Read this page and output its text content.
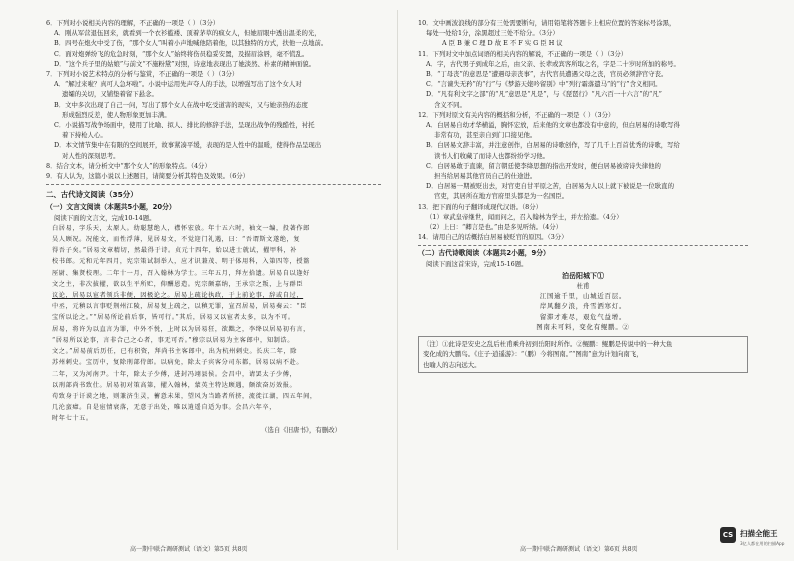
6．下列对小说相关内容的理解，不正确的一项是（ ）（3分）
A．刚从军营退伍回来，就看到一个衣衫褴褛、顶着茅草的疯女人，但她眉眼中透出温柔的光，
B．四号在炮火中受了伤，“那个女人”叫着小声地喊他陪着他，以其独特的方式，扶他一点地前。
C．面对炮弹纷飞的危急时刻，“那个女人”始终将伤员稳妥安置，及描眉涂唇，毫不慌乱。
D．“这个兵子里的姑娘”与前文“不施粉黛”对照，诗意地表现出了她淡然、朴素的精神面貌。
7．下列对小说艺术特点的分析与鉴赏，不正确的一项是（ ）（3分）
A．“解过来啦？真可人急坏啦”。小说中运用先声夺人的手法，以增强写出了这个女人对
遗孀的关切，又铺垫着留下悬念。
B．文中多次出现了自己一问，写出了那个女人在战中吃受道害的现实，又与她亲热的态度
形成强烈反差，使人物形象更加丰满。
C．小说描写战争场面中，使用了比喻、拟人、排比的修辞手法，呈现出战争的残酷性，衬托
着下持枪人心。
D．本文情节集中在有限的空间展开，故事紧凑平缓，表现的是人性中的温暖，使得作品呈现出
对人性的深刻思考。
8．结合文本，请分析文中“那个女人”的形象特点。（4分）
9．有人认为，这篇小说以上述题目，请简要分析其特色及效果。（6分）
二、古代诗文阅读（35分）
（一）文言文阅读（本题共5小题，20分）
阅读下面的文言文，完成10-14题。
白居易，字乐天，太原人。幼聪慧绝人，襟怀宏放。年十五六时，袖文一编，投著作郎
吴人顾况。况能文，而性浮薄，见居易文，不觉迎门礼遇，曰：“吾谓斯文遂绝，复
得吾子矣。”居易文章精切，然最得于诗。贞元十四年，始以进士就试，擢甲科，补
校书郎。元和元年四月，宪宗策试制举人，应才识兼茂、明于体用科，入第四等，授盩
厔尉、集贤校理。二年十一月，召入翰林为学士。三年五月，拜左拾遗。居易自以逢好
文之主，非次拔擢，欲以生平所贮，仰酬恩造。宪宗颇嘉纳，王承宗之叛，上与群臣
议论，居易以宦者领兵非便，因极论之。居易上疏论执政，于上前论事，辞或自过，
中丞，元稹以言事贬荆州江陵，居易复上疏之，以稹无罪，宣召居易，居易奏云：“臣
宝所以论之。”“居易所论前后事，皆可行。”其后，居易又以宦者太多，以为不可。
居易，将许为以直言为罪，中外不悦，上时以为居易狂，欲黜之，李绛以居易初有言，
“居易所以论事，言非合己之心者，事无可否。”穆宗以居易为主客郎中，知制诰。
文之。”居易前后历任，已有积资，拜尚书主客郎中，出为杭州刺史。长庆二年，除
苏州刺史。宝历中，复除刑部侍郎。以病免，除太子宾客分司东都，居易以病不赴。
二年，又为河南尹。十年，除太子少傅，进封冯翊县侯。会昌中，请罢太子少傅，
以刑部尚书致仕。居易初对策高第，擢入翰林，蒙英主特达顾遇，颇欲奋厉效报。
苟致身于讦谟之地，则兼济生灵，蓄意未果，望风为当路者所挤，流徙江湖，四五年间，
几沦蛮瘴。自是宦情衰落，无意于出处，唯以逍遥自适为事。会昌六年卒，
时年七十五。
（选自《旧唐书》，有删改）
高一期中联合调研测试（语文）第5页 共8页
10．文中画波浪线的部分有三处需要断句，请用铅笔将答题卡上相应位置的答案标号涂黑，
每处一处给1分，涂黑超过三处不给分。（3分）
A 臣 B 兼 C 理 D 故 E 不 F 实 G 臣 H 议
11．下列对文中加点词语的相关内容的解说，不正确的一项是（ ）（3分）
A．字，古代男子到成年之后，由父亲、长辈或宾客所取之名，字是二十岁时所加的称号。
B．“丁母丧”的意思是“遭遇母亲丧事”，古代官员遭遇父母之丧，官员必须辞官守丧。
C．“言谏失无矜”的“行”与《梦游天姥吟留别》中“列行霜落遣马”的“行”含义相同。
D．“凡有利文字之部”的“凡”意思是“凡是”，与《琵琶行》“凡六百一十六言”的“凡”
含义不同。
12．下列对原文有关内容的概括和分析，不正确的一项是（ ）（3分）
A．白居易自幼才华横溢，胸怀宏放，后来他的文章也都没有中意的，但白居易的诗歌写得
非常有功，甚至亲自到门口接见他。
B．白居易文辞丰富，并注意创作，白居易的诗歌创作，写了几千上百首优秀的诗歌，写给
读书人们收藏了而诗人也都纷纷学习他。
C．白居易敢于直谏，留言朝廷使李绛思想的指出开发时，便白居易被谤诗失律他的
担当给居易其他官员自己的仕途进。
D．白居易一期被贬出去，对官吏自甘平原之苦，白居易为人以上就下被说是一位耿直的
官吏，其居所在地方官府里头都是为一名国臣。
13．把下面的句子翻译成现代汉语。（8分）
（1）章武皇帝继世，闻而问之，召入翰林为学士，并左拾遗。（4分）
（2）上曰：“卿言是也。”由是多见听纳。（4分）
14．请用自己的话概括白居易被贬官的原因。（3分）
（二）古代诗歌阅读（本题共2小题，9分）
阅读下面这首宋诗，完成15-16题。
泊岳阳城下①
杜甫
江国逾千里，山城近百层。
岸风翻夕浪，舟雪洒寒灯。
留滞才难尽，艰危气益增。
图南未可料，变化有鲲鹏。②
〔注〕①此诗是安史之乱后杜甫乘舟初到岳阳时所作。②鲲鹏：鲲鹏是传说中的一种大鱼
变化成的大鹏鸟。《庄子·逍遥游》：“（鹏）今将图南。”“图南”意为计划向南飞，
也喻人的志向远大。
高一期中联合调研测试（语文）第6页 共8页
CS 扫描全能王
3亿人都在用的扫描App
